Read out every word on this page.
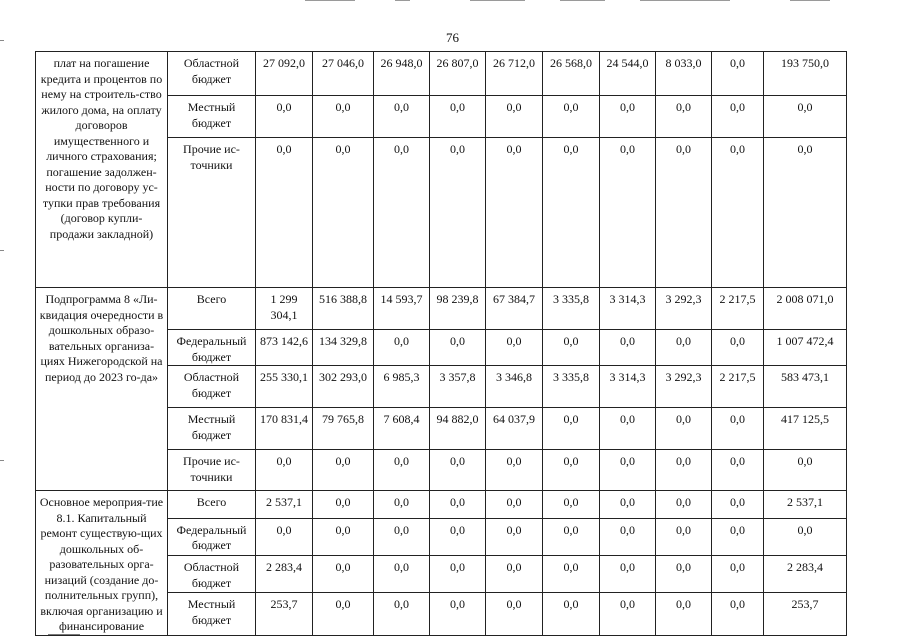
76
плат на погашение кредита и процентов по нему на строитель-ство жилого дома, на оплату договоров имущественного и личного страхования; погашение задолжен-ности по договору ус-тупки прав требования (договор купли-продажи закладной)	Областной бюджет	27 092,0	27 046,0	26 948,0	26 807,0	26 712,0	26 568,0	24 544,0	8 033,0	0,0	193 750,0
	Местный бюджет	0,0	0,0	0,0	0,0	0,0	0,0	0,0	0,0	0,0	0,0
	Прочие ис-точники	0,0	0,0	0,0	0,0	0,0	0,0	0,0	0,0	0,0	0,0
Подпрограмма 8 «Ли-квидация очередности в дошкольных образо-вательных организа-циях Нижегородской на период до 2023 го-да»	Всего	1 299 304,1	516 388,8	14 593,7	98 239,8	67 384,7	3 335,8	3 314,3	3 292,3	2 217,5	2 008 071,0
	Федеральный бюджет	873 142,6	134 329,8	0,0	0,0	0,0	0,0	0,0	0,0	0,0	1 007 472,4
	Областной бюджет	255 330,1	302 293,0	6 985,3	3 357,8	3 346,8	3 335,8	3 314,3	3 292,3	2 217,5	583 473,1
	Местный бюджет	170 831,4	79 765,8	7 608,4	94 882,0	64 037,9	0,0	0,0	0,0	0,0	417 125,5
	Прочие ис-точники	0,0	0,0	0,0	0,0	0,0	0,0	0,0	0,0	0,0	0,0
Основное мероприя-тие 8.1. Капитальный ремонт существую-щих дошкольных об-разовательных орга-низаций (создание до-полнительных групп), включая организацию и финансирование	Всего	2 537,1	0,0	0,0	0,0	0,0	0,0	0,0	0,0	0,0	2 537,1
	Федеральный бюджет	0,0	0,0	0,0	0,0	0,0	0,0	0,0	0,0	0,0	0,0
	Областной бюджет	2 283,4	0,0	0,0	0,0	0,0	0,0	0,0	0,0	0,0	2 283,4
	Местный бюджет	253,7	0,0	0,0	0,0	0,0	0,0	0,0	0,0	0,0	253,7
